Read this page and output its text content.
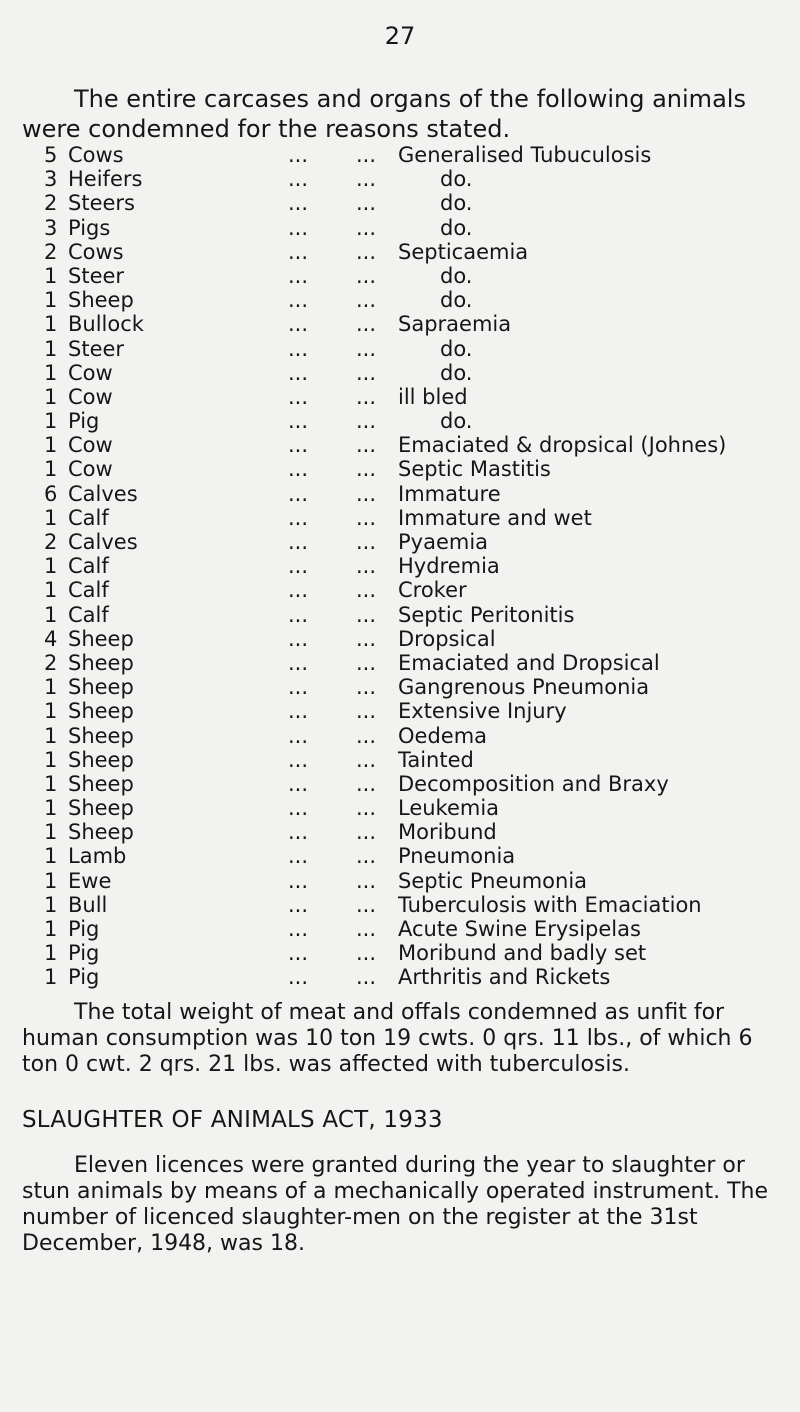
27

The entire carcases and organs of the following animals were condemned for the reasons stated.

5 Cows	... ... Generalised Tubuculosis
3 Heifers	... ...	do.
2 Steers	... ...	do.
3 Pigs	... ...	do.
2 Cows	... ... Septicaemia
1 Steer	... ...	do.
1 Sheep	... ...	do.
1 Bullock	... ... Sapraemia
1 Steer	... ...	do.
1 Cow	... ...	do.
1 Cow	... ... ill bled
1 Pig	... ...	do.
1 Cow	... ... Emaciated & dropsical (Johnes)
1 Cow	... ... Septic Mastitis
6 Calves	... ... Immature
1 Calf	... ... Immature and wet
2 Calves	... ... Pyaemia
1 Calf	... ... Hydremia
1 Calf	... ... Croker
1 Calf	... ... Septic Peritonitis
4 Sheep	... ... Dropsical
2 Sheep	... ... Emaciated and Dropsical
1 Sheep	... ... Gangrenous Pneumonia
1 Sheep	... ... Extensive Injury
1 Sheep	... ... Oedema
1 Sheep	... ... Tainted
1 Sheep	... ... Decomposition and Braxy
1 Sheep	... ... Leukemia
1 Sheep	... ... Moribund
1 Lamb	... ... Pneumonia
1 Ewe	... ... Septic Pneumonia
1 Bull	... ... Tuberculosis with Emaciation
1 Pig	... ... Acute Swine Erysipelas
1 Pig	... ... Moribund and badly set
1 Pig	... ... Arthritis and Rickets

The total weight of meat and offals condemned as unfit for human consumption was 10 ton 19 cwts. 0 qrs. 11 lbs., of which 6 ton 0 cwt. 2 qrs. 21 lbs. was affected with tuberculosis.

SLAUGHTER OF ANIMALS ACT, 1933

Eleven licences were granted during the year to slaughter or stun animals by means of a mechanically operated instrument. The number of licenced slaughter-men on the register at the 31st December, 1948, was 18.
